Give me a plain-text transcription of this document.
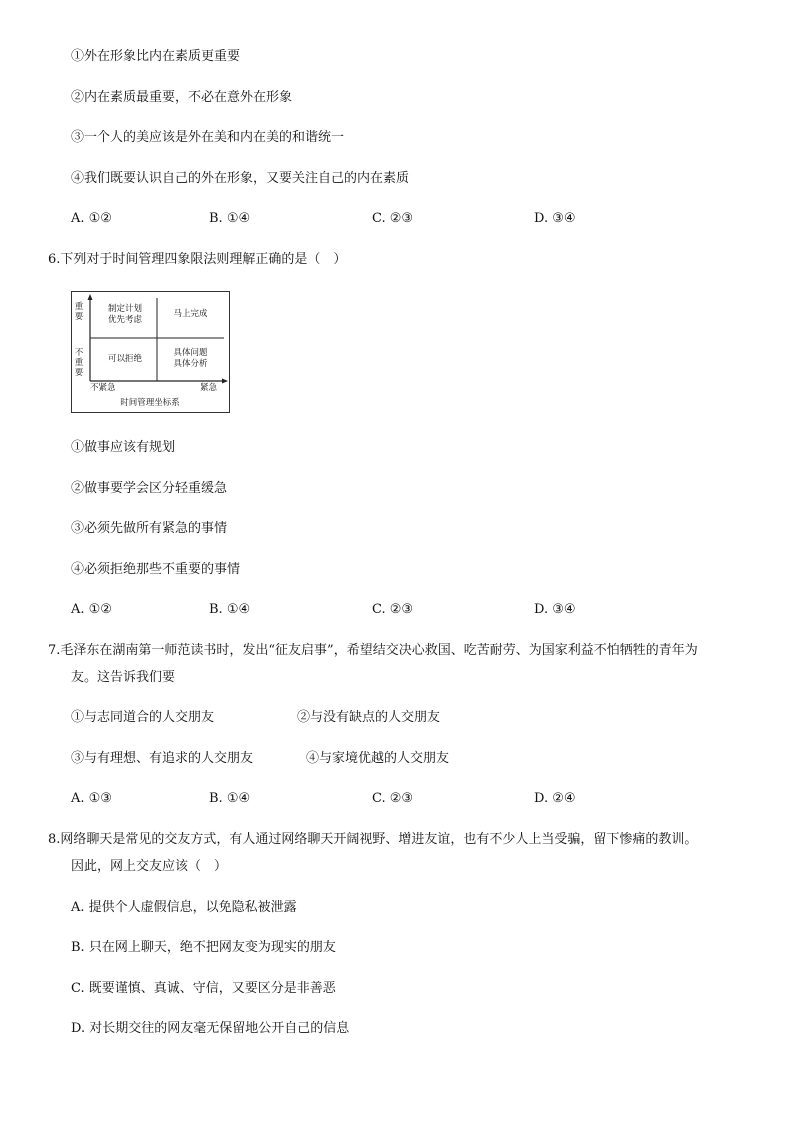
①外在形象比内在素质更重要
②内在素质最重要，不必在意外在形象
③一个人的美应该是外在美和内在美的和谐统一
④我们既要认识自己的外在形象，又要关注自己的内在素质
A. ①②	B. ①④	C. ②③	D. ③④
6.下列对于时间管理四象限法则理解正确的是（　）
重要
不重要
制定计划
优先考虑
马上完成
可以拒绝
具体问题
具体分析
不紧急	紧急
时间管理坐标系
①做事应该有规划
②做事要学会区分轻重缓急
③必须先做所有紧急的事情
④必须拒绝那些不重要的事情
A. ①②	B. ①④	C. ②③	D. ③④
7.毛泽东在湖南第一师范读书时，发出“征友启事”，希望结交决心救国、吃苦耐劳、为国家利益不怕牺牲的青年为
友。这告诉我们要
①与志同道合的人交朋友	②与没有缺点的人交朋友
③与有理想、有追求的人交朋友	④与家境优越的人交朋友
A. ①③	B. ①④	C. ②③	D. ②④
8.网络聊天是常见的交友方式，有人通过网络聊天开阔视野、增进友谊，也有不少人上当受骗，留下惨痛的教训。
因此，网上交友应该（　）
A. 提供个人虚假信息，以免隐私被泄露
B. 只在网上聊天，绝不把网友变为现实的朋友
C. 既要谨慎、真诚、守信，又要区分是非善恶
D. 对长期交往的网友毫无保留地公开自己的信息
